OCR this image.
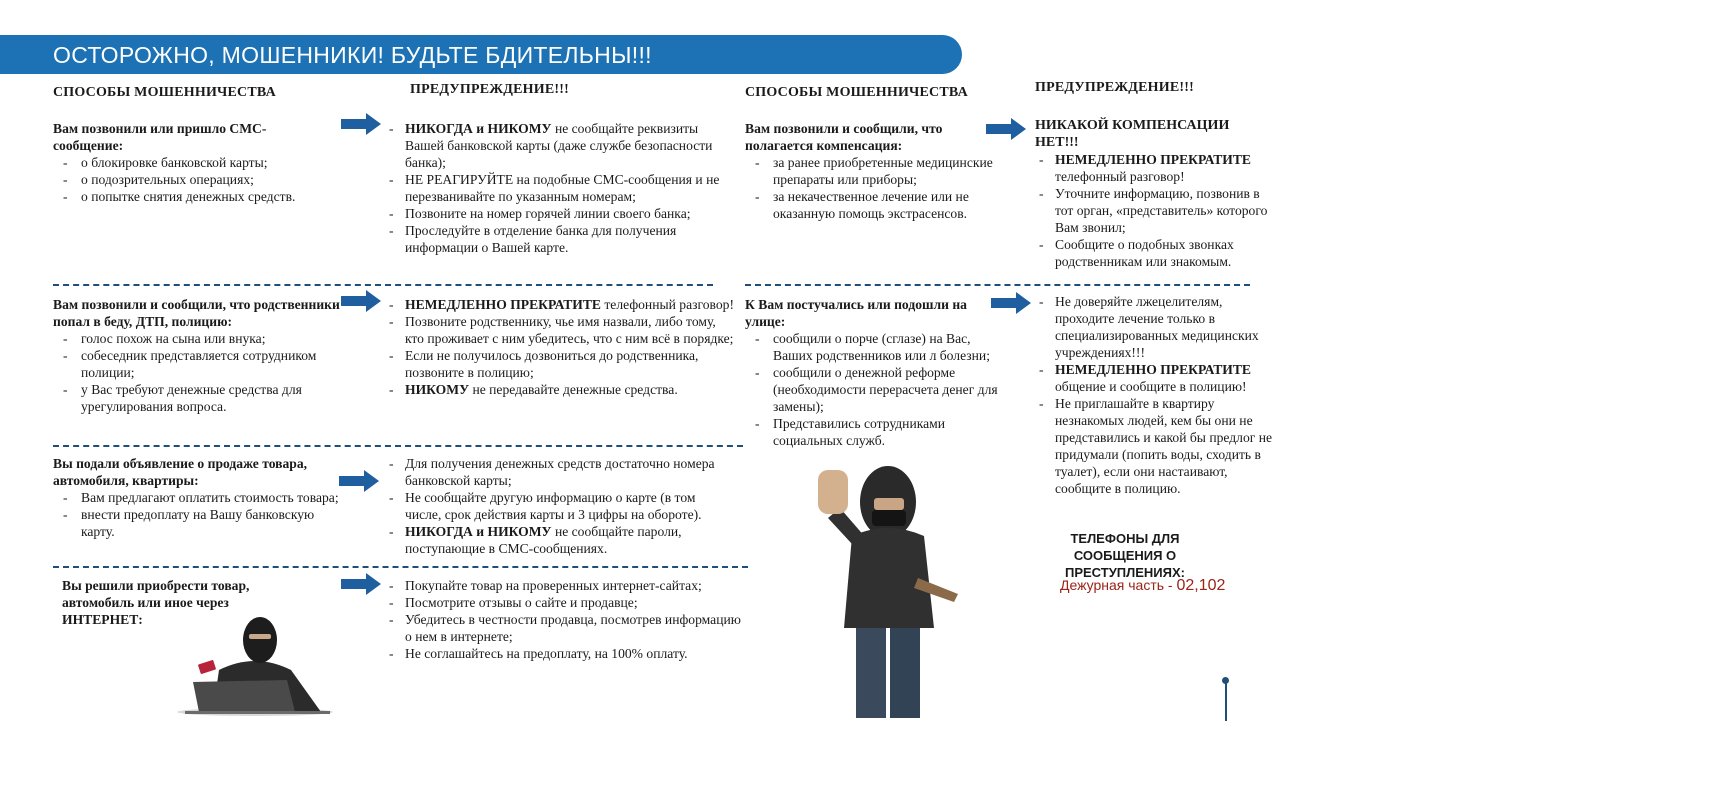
ОСТОРОЖНО, МОШЕННИКИ! БУДЬТЕ БДИТЕЛЬНЫ!!!
СПОСОБЫ МОШЕННИЧЕСТВА	ПРЕДУПРЕЖДЕНИЕ!!!	СПОСОБЫ МОШЕННИЧЕСТВА	ПРЕДУПРЕЖДЕНИЕ!!!
Вам позвонили или пришло СМС-сообщение:
- о блокировке банковской карты;
- о подозрительных операциях;
- о попытке снятия денежных средств.
- НИКОГДА и НИКОМУ не сообщайте реквизиты Вашей банковской карты (даже службе безопасности банка);
- НЕ РЕАГИРУЙТЕ на подобные СМС-сообщения и не перезванивайте по указанным номерам;
- Позвоните на номер горячей линии своего банка;
- Проследуйте в отделение банка для получения информации о Вашей карте.
Вам позвонили и сообщили, что родственники попал в беду, ДТП, полицию:
- голос похож на сына или внука;
- собеседник представляется сотрудником полиции;
- у Вас требуют денежные средства для урегулирования вопроса.
- НЕМЕДЛЕННО ПРЕКРАТИТЕ телефонный разговор!
- Позвоните родственнику, чье имя назвали, либо тому, кто проживает с ним убедитесь, что с ним всё в порядке;
- Если не получилось дозвониться до родственника, позвоните в полицию;
- НИКОМУ не передавайте денежные средства.
Вы подали объявление о продаже товара, автомобиля, квартиры:
- Вам предлагают оплатить стоимость товара;
- внести предоплату на Вашу банковскую карту.
- Для получения денежных средств достаточно номера банковской карты;
- Не сообщайте другую информацию о карте (в том числе, срок действия карты и 3 цифры на обороте).
- НИКОГДА и НИКОМУ не сообщайте пароли, поступающие в СМС-сообщениях.
Вы решили приобрести товар, автомобиль или иное через ИНТЕРНЕТ:
- Покупайте товар на проверенных интернет-сайтах;
- Посмотрите отзывы о сайте и продавце;
- Убедитесь в честности продавца, посмотрев информацию о нем в интернете;
- Не соглашайтесь на предоплату, на 100% оплату.
Вам позвонили и сообщили, что полагается компенсация:
- за ранее приобретенные медицинские препараты или приборы;
- за некачественное лечение или не оказанную помощь экстрасенсов.
НИКАКОЙ КОМПЕНСАЦИИ НЕТ!!!
- НЕМЕДЛЕННО ПРЕКРАТИТЕ телефонный разговор!
- Уточните информацию, позвонив в тот орган, «представитель» которого Вам звонил;
- Сообщите о подобных звонках родственникам или знакомым.
К Вам постучались или подошли на улице:
- сообщили о порче (сглазе) на Вас, Ваших родственников или л болезни;
- сообщили о денежной реформе (необходимости перерасчета денег для замены);
- Представились сотрудниками социальных служб.
- Не доверяйте лжецелителям, проходите лечение только в специализированных медицинских учреждениях!!!
- НЕМЕДЛЕННО ПРЕКРАТИТЕ общение и сообщите в полицию!
- Не приглашайте в квартиру незнакомых людей, кем бы они не представились и какой бы предлог не придумали (попить воды, сходить в туалет), если они настаивают, сообщите в полицию.
ТЕЛЕФОНЫ ДЛЯ СООБЩЕНИЯ О ПРЕСТУПЛЕНИЯХ:
Дежурная часть - 02,102
